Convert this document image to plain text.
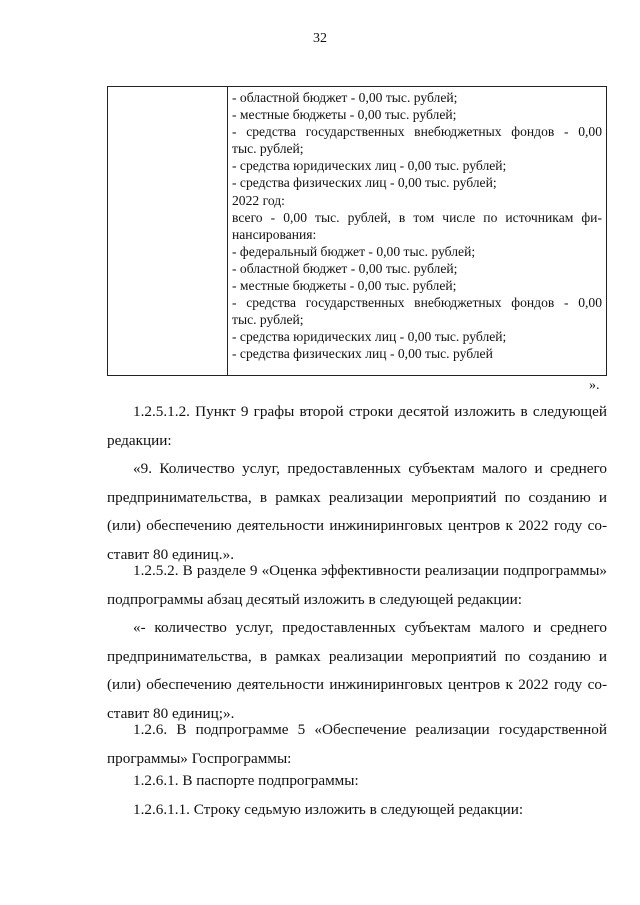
32
- областной бюджет - 0,00 тыс. рублей;
- местные бюджеты - 0,00 тыс. рублей;
- средства государственных внебюджетных фондов - 0,00
тыс. рублей;
- средства юридических лиц - 0,00 тыс. рублей;
- средства физических лиц - 0,00 тыс. рублей;
2022 год:
всего - 0,00 тыс. рублей, в том числе по источникам фи-
нансирования:
- федеральный бюджет - 0,00 тыс. рублей;
- областной бюджет - 0,00 тыс. рублей;
- местные бюджеты - 0,00 тыс. рублей;
- средства государственных внебюджетных фондов - 0,00
тыс. рублей;
- средства юридических лиц - 0,00 тыс. рублей;
- средства физических лиц - 0,00 тыс. рублей
».
1.2.5.1.2. Пункт 9 графы второй строки десятой изложить в следующей
редакции:
«9. Количество услуг, предоставленных субъектам малого и среднего
предпринимательства, в рамках реализации мероприятий по созданию и
(или) обеспечению деятельности инжиниринговых центров к 2022 году со-
ставит 80 единиц.».
1.2.5.2. В разделе 9 «Оценка эффективности реализации подпрограммы»
подпрограммы абзац десятый изложить в следующей редакции:
«- количество услуг, предоставленных субъектам малого и среднего
предпринимательства, в рамках реализации мероприятий по созданию и
(или) обеспечению деятельности инжиниринговых центров к 2022 году со-
ставит 80 единиц;».
1.2.6. В подпрограмме 5 «Обеспечение реализации государственной
программы» Госпрограммы:
1.2.6.1. В паспорте подпрограммы:
1.2.6.1.1. Строку седьмую изложить в следующей редакции:
